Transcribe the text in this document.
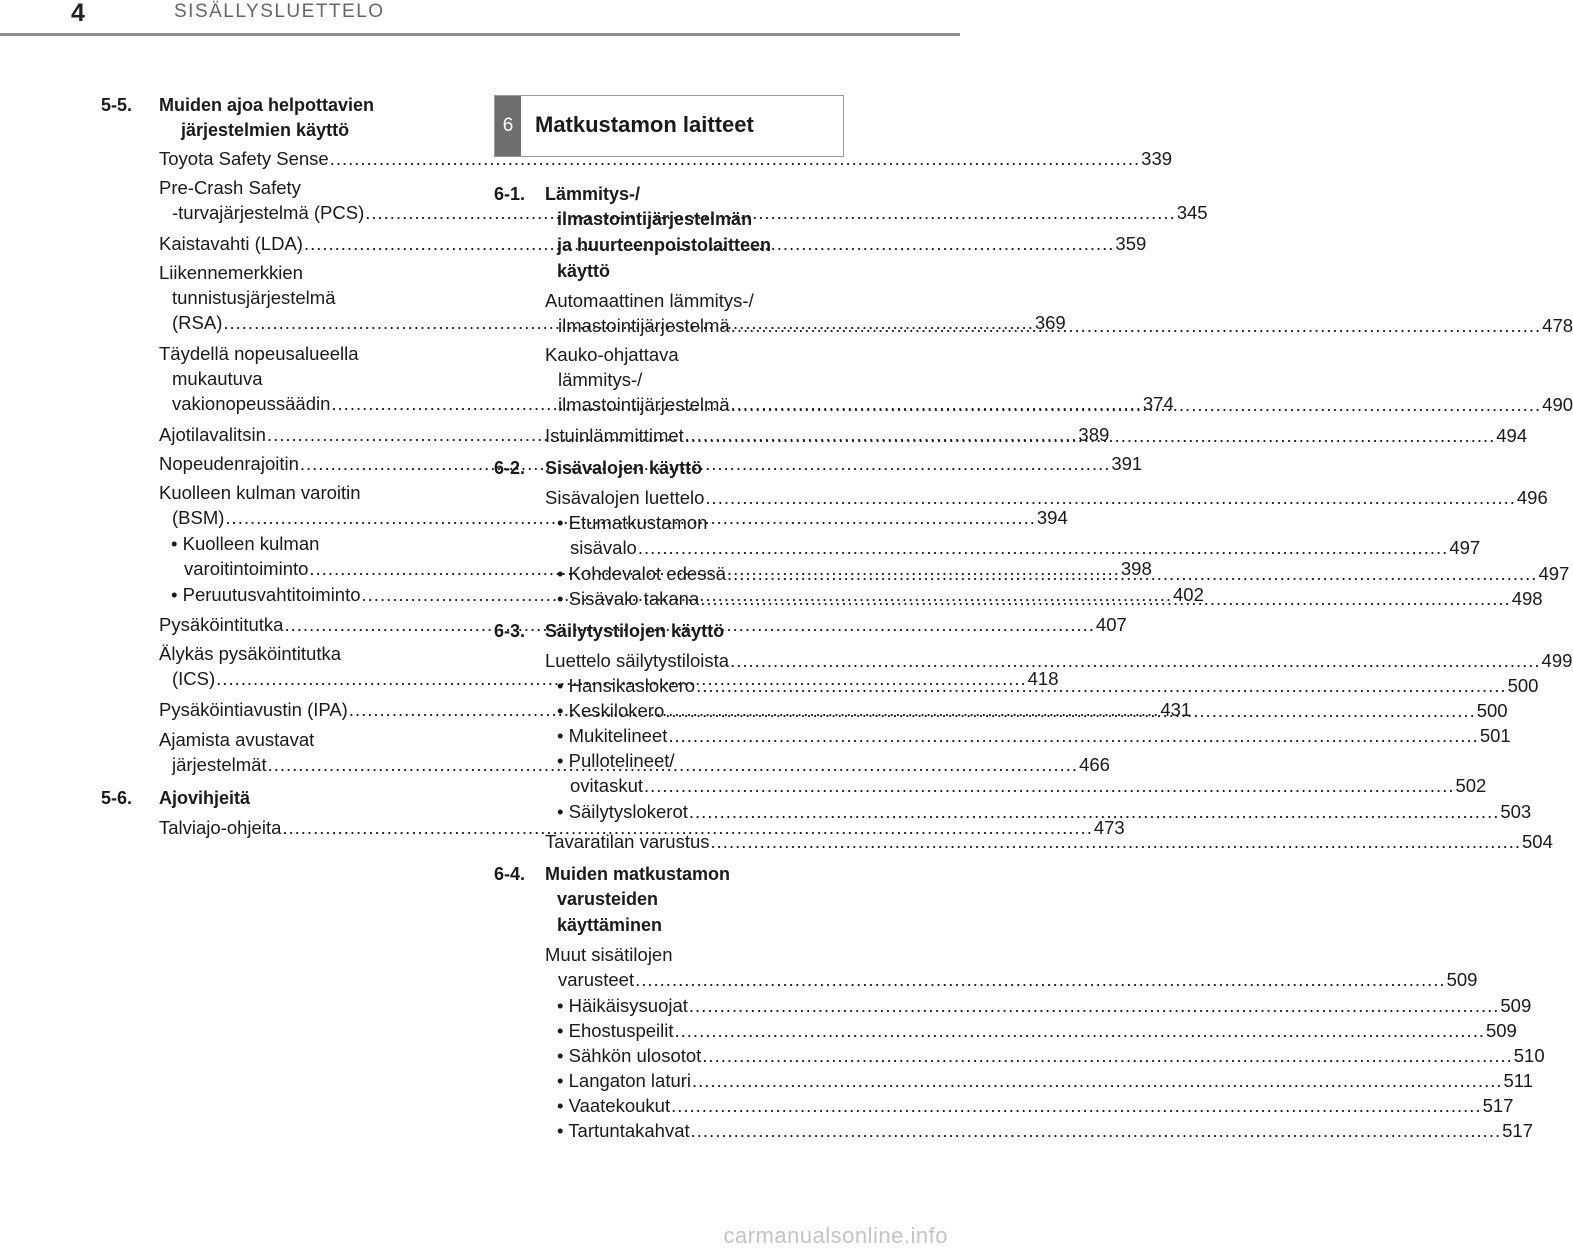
4	SISÄLLYSLUETTELO
5-5. Muiden ajoa helpottavien
järjestelmien käyttö
Toyota Safety Sense .....	339
Pre-Crash Safety
-turvajärjestelmä (PCS) .....	345
Kaistavahti (LDA) .....	359
Liikennemerkkien
tunnistusjärjestelmä
(RSA) .....	369
Täydellä nopeusalueella
mukautuva
vakionopeussäädin .....	374
Ajotilavalitsin .....	389
Nopeudenrajoitin .....	391
Kuolleen kulman varoitin
(BSM) .....	394
• Kuolleen kulman
varoitintoiminto .....	398
• Peruutusvahtitoiminto .....	402
Pysäköintitutka .....	407
Älykäs pysäköintitutka
(ICS) .....	418
Pysäköintiavustin (IPA) .....	431
Ajamista avustavat
järjestelmät .....	466
5-6. Ajovihjeitä
Talviajo-ohjeita .....	473
6 Matkustamon laitteet
6-1. Lämmitys-/
ilmastointijärjestelmän
ja huurteenpoistolaitteen
käyttö
Automaattinen lämmitys-/
ilmastointijärjestelmä .....	478
Kauko-ohjattava
lämmitys-/
ilmastointijärjestelmä .....	490
Istuinlämmittimet .....	494
6-2. Sisävalojen käyttö
Sisävalojen luettelo .....	496
• Etumatkustamon
sisävalo .....	497
• Kohdevalot edessä .....	497
• Sisävalo takana .....	498
6-3. Säilytystilojen käyttö
Luettelo säilytystiloista .....	499
• Hansikaslokero .....	500
• Keskilokero .....	500
• Mukitelineet .....	501
• Pullotelineet/
ovitaskut .....	502
• Säilytyslokerot .....	503
Tavaratilan varustus .....	504
6-4. Muiden matkustamon
varusteiden
käyttäminen
Muut sisätilojen
varusteet .....	509
• Häikäisysuojat .....	509
• Ehostuspeilit .....	509
• Sähkön ulosotot .....	510
• Langaton laturi .....	511
• Vaatekoukut .....	517
• Tartuntakahvat .....	517
carmanualsonline.info
